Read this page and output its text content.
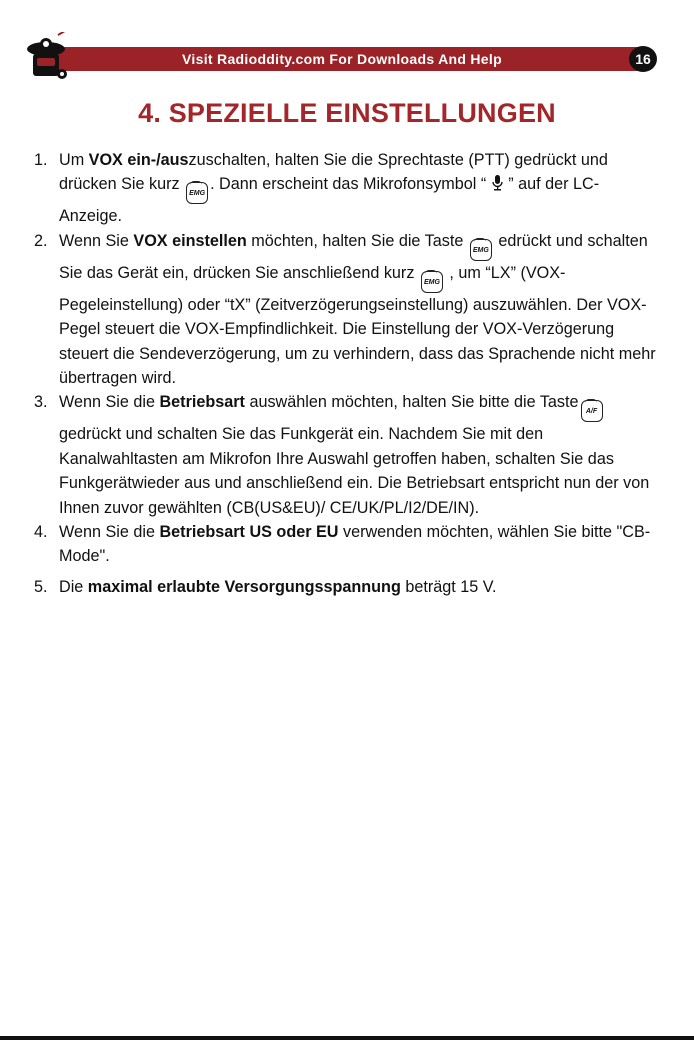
Visit Radioddity.com For Downloads And Help	16
4. SPEZIELLE EINSTELLUNGEN
1. Um VOX ein-/auszuschalten, halten Sie die Sprechtaste (PTT) gedrückt und drücken Sie kurz EMG. Dann erscheint das Mikrofonsymbol “  ” auf der LC-Anzeige.
2. Wenn Sie VOX einstellen möchten, halten Sie die Taste EMG edrückt und schalten Sie das Gerät ein, drücken Sie anschließend kurz EMG , um “LX” (VOX-Pegeleinstellung) oder “tX” (Zeitverzögerungseinstellung) auszuwählen. Der VOX-Pegel steuert die VOX-Empfindlichkeit. Die Einstellung der VOX-Verzögerung steuert die Sendeverzögerung, um zu verhindern, dass das Sprachende nicht mehr übertragen wird.
3. Wenn Sie die Betriebsart auswählen möchten, halten Sie bitte die TasteA/F gedrückt und schalten Sie das Funkgerät ein. Nachdem Sie mit den Kanalwahltasten am Mikrofon Ihre Auswahl getroffen haben, schalten Sie das Funkgerätwieder aus und anschließend ein. Die Betriebsart entspricht nun der von Ihnen zuvor gewählten (CB(US&EU)/ CE/UK/PL/I2/DE/IN).
4. Wenn Sie die Betriebsart US oder EU verwenden möchten, wählen Sie bitte "CB-Mode".
5. Die maximal erlaubte Versorgungsspannung beträgt 15 V.
